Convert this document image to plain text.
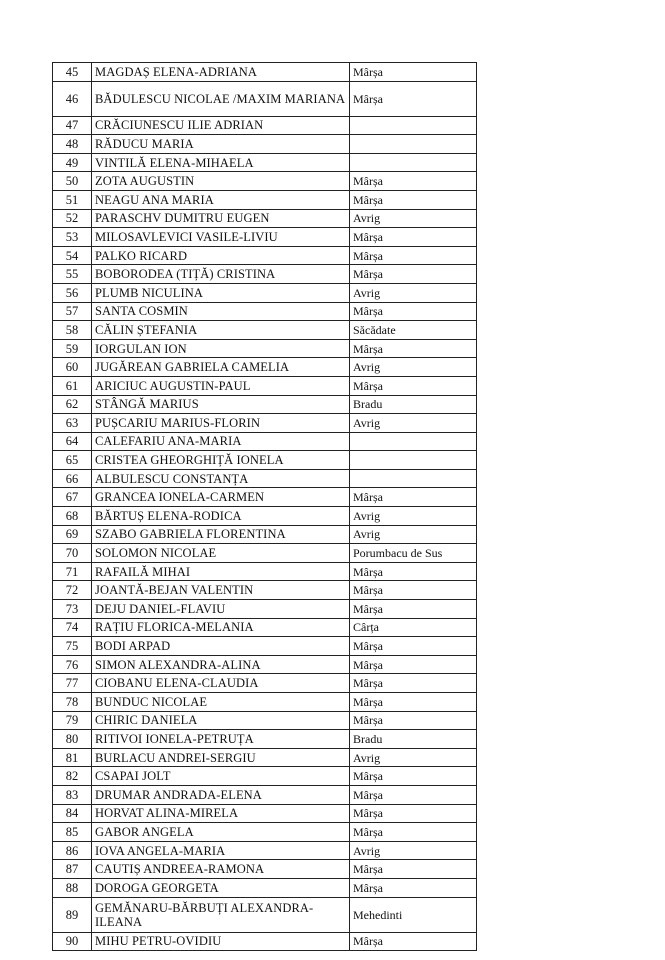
45	MAGDAȘ ELENA-ADRIANA	Mârșa
46	BĂDULESCU NICOLAE /MAXIM MARIANA	Mârșa
47	CRĂCIUNESCU ILIE ADRIAN	
48	RĂDUCU MARIA	
49	VINTILĂ ELENA-MIHAELA	
50	ZOTA AUGUSTIN	Mârșa
51	NEAGU ANA MARIA	Mârșa
52	PARASCHV DUMITRU EUGEN	Avrig
53	MILOSAVLEVICI VASILE-LIVIU	Mârșa
54	PALKO RICARD	Mârșa
55	BOBORODEA (TIȚĂ) CRISTINA	Mârșa
56	PLUMB NICULINA	Avrig
57	SANTA COSMIN	Mârșa
58	CĂLIN ȘTEFANIA	Săcădate
59	IORGULAN ION	Mârșa
60	JUGĂREAN GABRIELA CAMELIA	Avrig
61	ARICIUC AUGUSTIN-PAUL	Mârșa
62	STÂNGĂ MARIUS	Bradu
63	PUȘCARIU MARIUS-FLORIN	Avrig
64	CALEFARIU ANA-MARIA	
65	CRISTEA GHEORGHIȚĂ IONELA	
66	ALBULESCU CONSTANȚA	
67	GRANCEA IONELA-CARMEN	Mârșa
68	BĂRTUȘ ELENA-RODICA	Avrig
69	SZABO GABRIELA FLORENTINA	Avrig
70	SOLOMON NICOLAE	Porumbacu de Sus
71	RAFAILĂ MIHAI	Mârșa
72	JOANTĂ-BEJAN VALENTIN	Mârșa
73	DEJU DANIEL-FLAVIU	Mârșa
74	RAȚIU FLORICA-MELANIA	Cârța
75	BODI ARPAD	Mârșa
76	SIMON ALEXANDRA-ALINA	Mârșa
77	CIOBANU ELENA-CLAUDIA	Mârșa
78	BUNDUC NICOLAE	Mârșa
79	CHIRIC DANIELA	Mârșa
80	RITIVOI IONELA-PETRUȚA	Bradu
81	BURLACU ANDREI-SERGIU	Avrig
82	CSAPAI JOLT	Mârșa
83	DRUMAR ANDRADA-ELENA	Mârșa
84	HORVAT ALINA-MIRELA	Mârșa
85	GABOR ANGELA	Mârșa
86	IOVA ANGELA-MARIA	Avrig
87	CAUTIȘ ANDREEA-RAMONA	Mârșa
88	DOROGA GEORGETA	Mârșa
89	GEMĂNARU-BĂRBUȚI ALEXANDRA-ILEANA	Mehedinti
90	MIHU PETRU-OVIDIU	Mârșa
